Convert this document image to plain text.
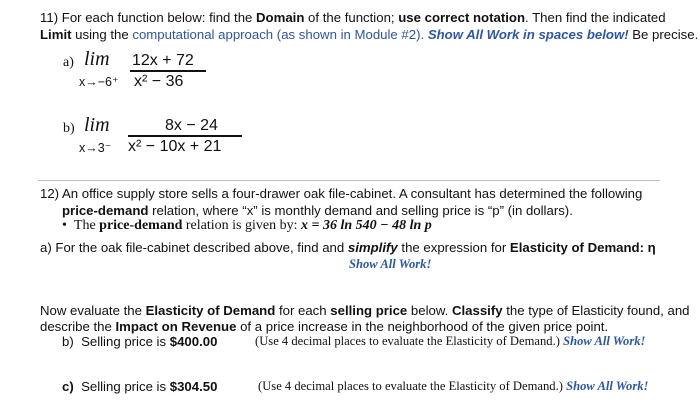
11) For each function below: find the Domain of the function; use correct notation. Then find the indicated
Limit using the computational approach (as shown in Module #2). Show All Work in spaces below! Be precise.
a) lim
x→−6⁺
12x + 72
x² − 36
b) lim
x→3⁻
8x − 24
x² − 10x + 21
12) An office supply store sells a four-drawer oak file-cabinet. A consultant has determined the following
price-demand relation, where “x” is monthly demand and selling price is “p” (in dollars).
• The price-demand relation is given by: x = 36 ln 540 − 48 ln p
a) For the oak file-cabinet described above, find and simplify the expression for Elasticity of Demand: η
Show All Work!
Now evaluate the Elasticity of Demand for each selling price below. Classify the type of Elasticity found, and
describe the Impact on Revenue of a price increase in the neighborhood of the given price point.
b) Selling price is $400.00	(Use 4 decimal places to evaluate the Elasticity of Demand.) Show All Work!
c) Selling price is $304.50	(Use 4 decimal places to evaluate the Elasticity of Demand.) Show All Work!
